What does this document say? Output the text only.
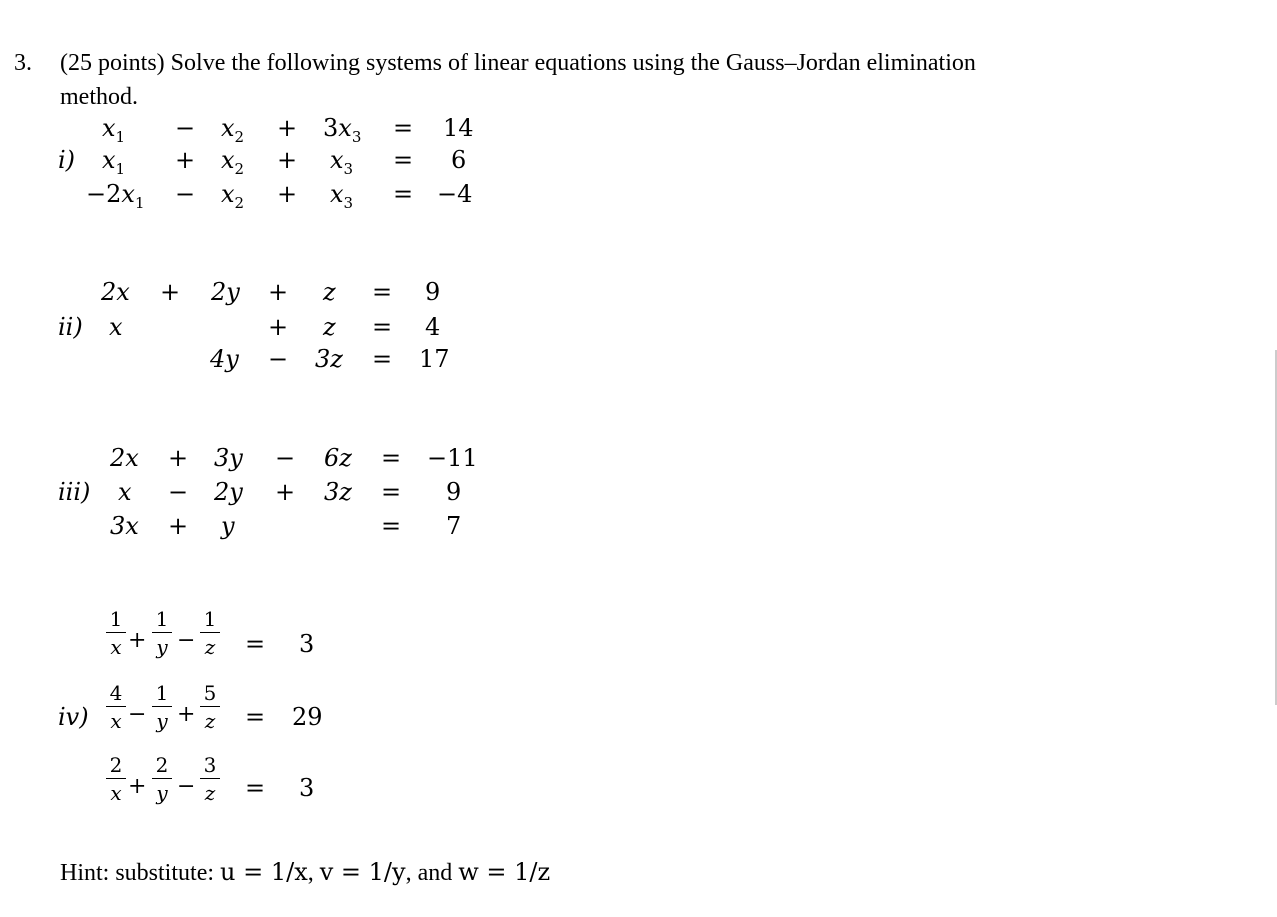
3. (25 points) Solve the following systems of linear equations using the Gauss–Jordan elimination
method.
i)
$x_1 - x_2 + 3x_3 = 14$
$x_1 + x_2 + x_3 = 6$
$-2x_1 - x_2 + x_3 = -4$
ii)
2x + 2y + z = 9
x	+ z = 4
4y − 3z = 17
iii)
2x + 3y − 6z = −11
x − 2y + 3z = 9
3x + y	= 7
iv)
1
x +
1
y −
1
z = 3
4
x −
1
y +
5
z = 29
2
x +
2
y −
3
z = 3
Hint: substitute: u = 1/x, v = 1/y, and w = 1/z
